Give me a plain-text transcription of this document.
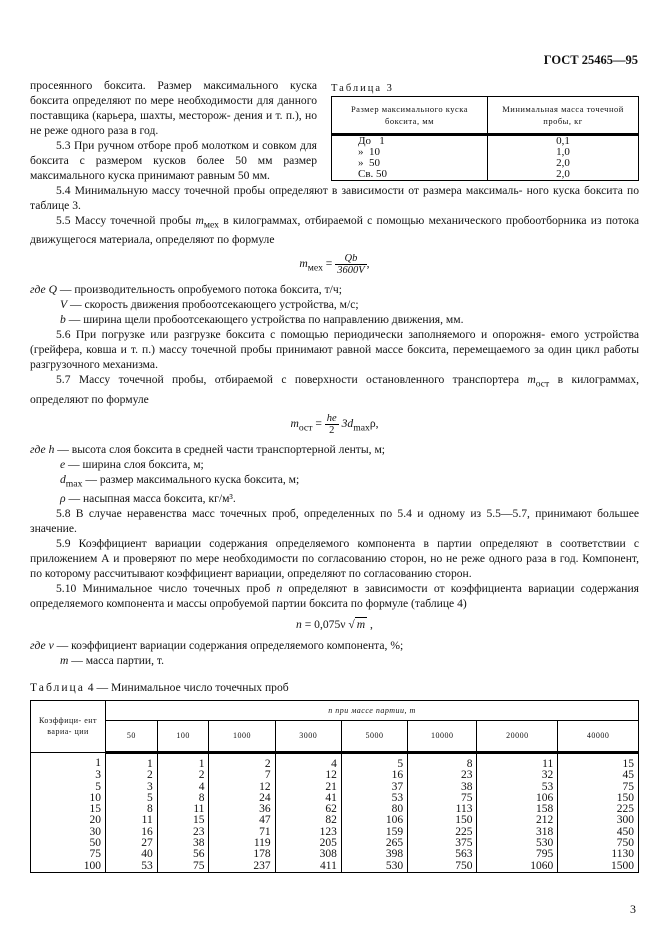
ГОСТ 25465—95
Таблица 3
Размер максимального куска боксита, мм	Минимальная масса точечной пробы, кг
До   1	0,1
»  10	1,0
»  50	2,0
Св. 50	2,0

просеянного боксита. Размер максимального куска боксита определяют по мере необходимости для данного поставщика (карьера, шахты, месторож- дения и т. п.), но не реже одного раза в год.

5.3 При ручном отборе проб молотком и совком для боксита с размером кусков более 50 мм размер максимального куска принимают равным 50 мм.

5.4 Минимальную массу точечной пробы определяют в зависимости от размера максималь- ного куска боксита по таблице 3.

5.5 Массу точечной пробы $m_{мех}$ в килограммах, отбираемой с помощью механического пробоотборника из потока движущегося материала, определяют по формуле

$m_{мех} = \frac{Qb}{3600V}$ ,

где Q — производительность опробуемого потока боксита, т/ч;

V — скорость движения пробоотсекающего устройства, м/с;

b — ширина щели пробоотсекающего устройства по направлению движения, мм.

5.6 При погрузке или разгрузке боксита с помощью периодически заполняемого и опорожня- емого устройства (грейфера, ковша и т. п.) массу точечной пробы принимают равной массе боксита, перемещаемого за один цикл работы разгрузочного механизма.

5.7 Массу точечной пробы, отбираемой с поверхности остановленного транспортера $m_{ост}$ в килограммах, определяют по формуле

$m_{ост} = \frac{he}{2} 3d_{max}\rho$,

где h — высота слоя боксита в средней части транспортерной ленты, м;

e — ширина слоя боксита, м;

$d_{max}$ — размер максимального куска боксита, м;

ρ — насыпная масса боксита, кг/м³.

5.8 В случае неравенства масс точечных проб, определенных по 5.4 и одному из 5.5—5.7, принимают большее значение.

5.9 Коэффициент вариации содержания определяемого компонента в партии определяют в соответствии с приложением А и проверяют по мере необходимости по согласованию сторон, но не реже одного раза в год. Компонент, по которому рассчитывают коэффициент вариации, определяют по согласованию сторон.

5.10 Минимальное число точечных проб n определяют в зависимости от коэффициента вариации содержания определяемого компонента и массы опробуемой партии боксита по формуле (таблице 4)

n = 0,075ν √ m ,

где ν — коэффициент вариации содержания определяемого компонента, %;

m — масса партии, т.

Таблица 4 — Минимальное число точечных проб
Коэффици- ент вариа- ции	n при массе партии, т							
	50	100	1000	3000	5000	10000	20000	40000
1	1	1	2	4	5	8	11	15
3	2	2	7	12	16	23	32	45
5	3	4	12	21	37	38	53	75
10	5	8	24	41	53	75	106	150
15	8	11	36	62	80	113	158	225
20	11	15	47	82	106	150	212	300
30	16	23	71	123	159	225	318	450
50	27	38	119	205	265	375	530	750
75	40	56	178	308	398	563	795	1130
100	53	75	237	411	530	750	1060	1500
3
